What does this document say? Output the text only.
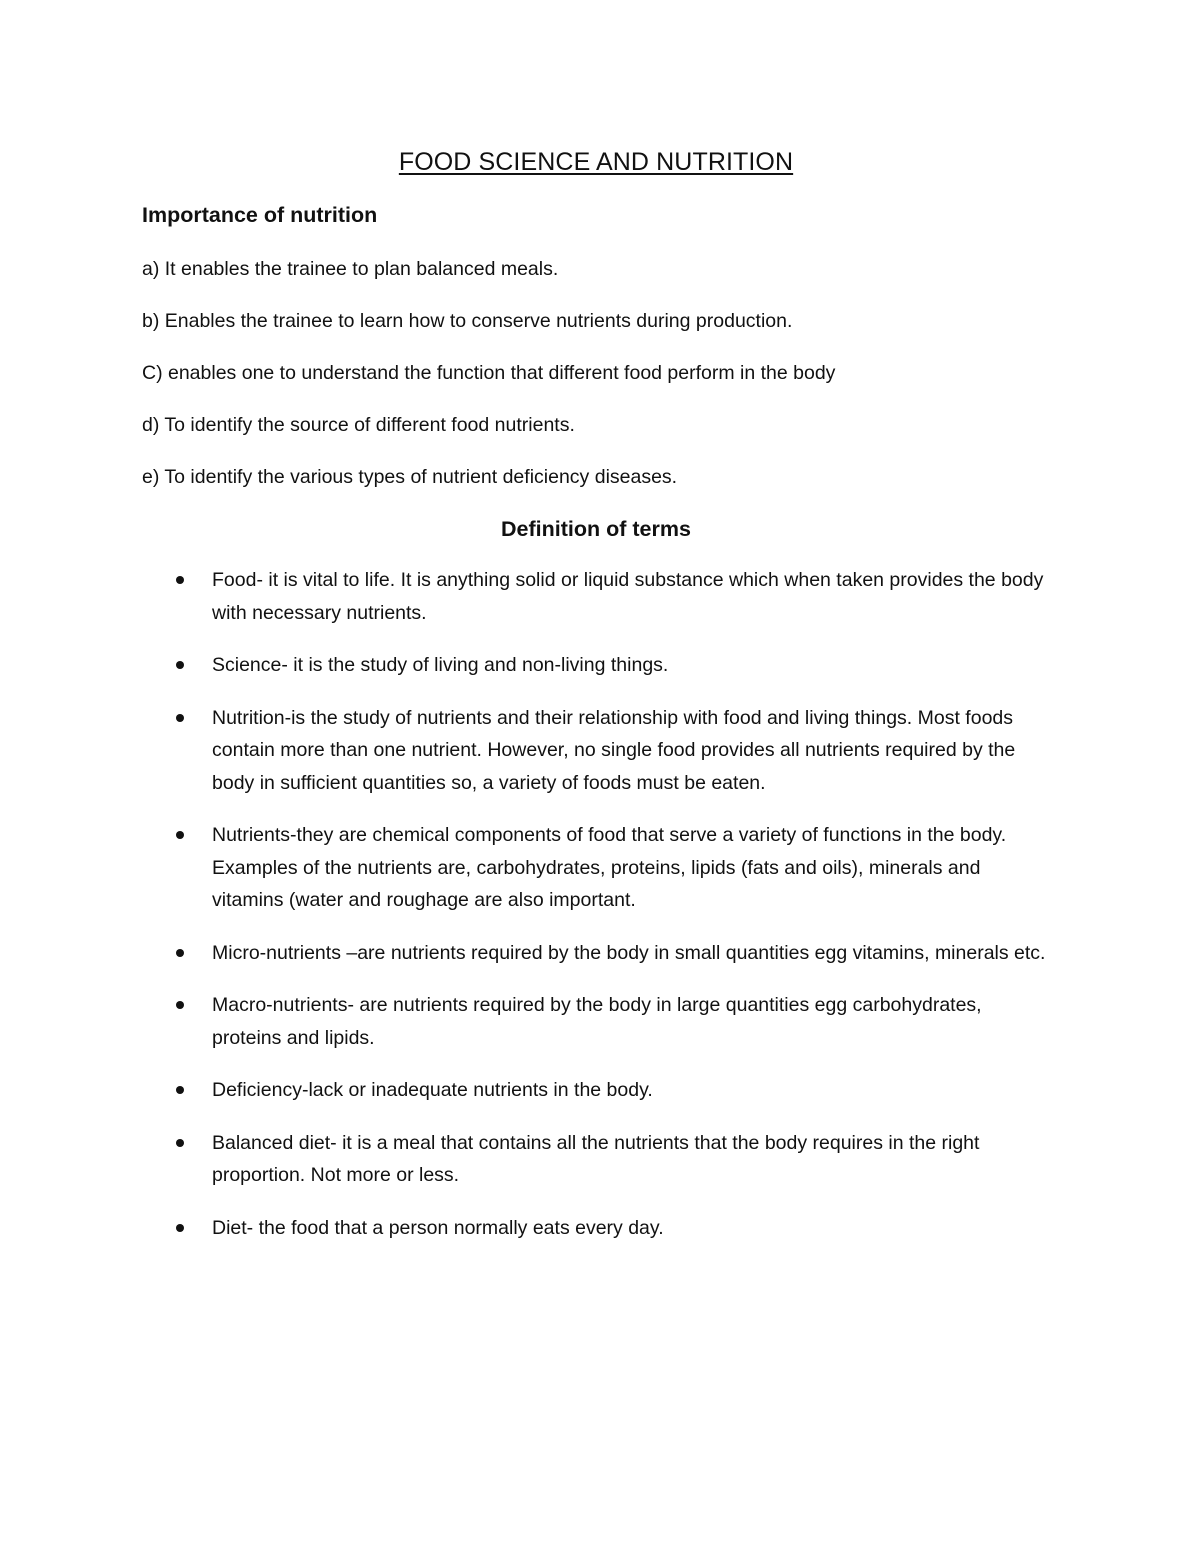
FOOD SCIENCE AND NUTRITION
Importance of nutrition
a) It enables the trainee to plan balanced meals.
b) Enables the trainee to learn how to conserve nutrients during production.
C) enables one to understand the function that different food perform in the body
d) To identify the source of different food nutrients.
e) To identify the various types of nutrient deficiency diseases.
Definition of terms
Food- it is vital to life. It is anything solid or liquid substance which when taken provides the body with necessary nutrients.
Science- it is the study of living and non-living things.
Nutrition-is the study of nutrients and their relationship with food and living things. Most foods contain more than one nutrient. However, no single food provides all nutrients required by the body in sufficient quantities so, a variety of foods must be eaten.
Nutrients-they are chemical components of food that serve a variety of functions in the body. Examples of the nutrients are, carbohydrates, proteins, lipids (fats and oils), minerals and vitamins (water and roughage are also important.
Micro-nutrients –are nutrients required by the body in small quantities egg vitamins, minerals etc.
Macro-nutrients- are nutrients required by the body in large quantities egg carbohydrates, proteins and lipids.
Deficiency-lack or inadequate nutrients in the body.
Balanced diet- it is a meal that contains all the nutrients that the body requires in the right proportion. Not more or less.
Diet- the food that a person normally eats every day.
